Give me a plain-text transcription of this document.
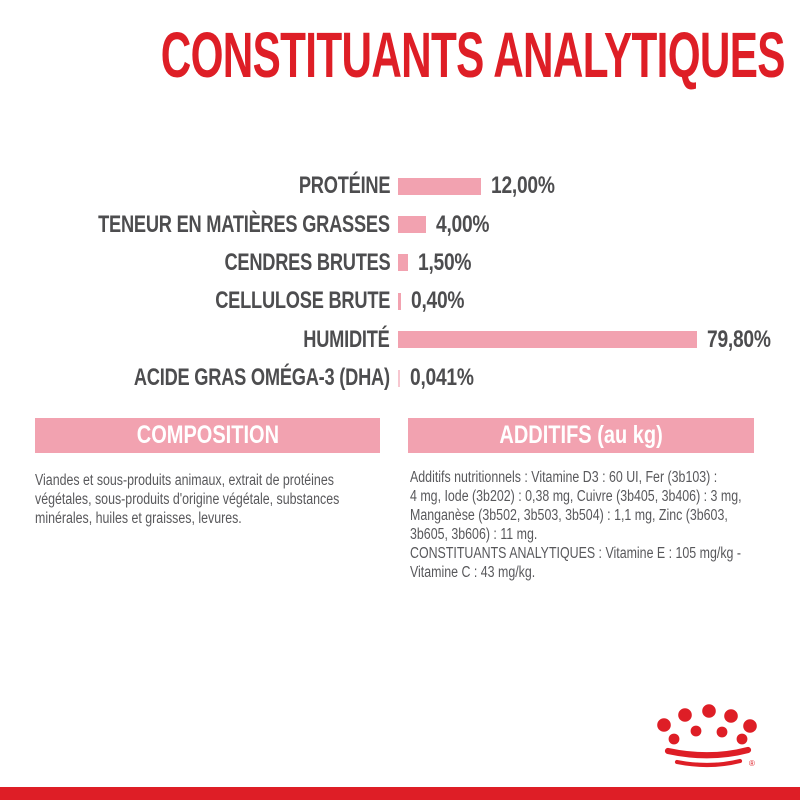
CONSTITUANTS ANALYTIQUES
PROTÉINE	12,00%
TENEUR EN MATIÈRES GRASSES	4,00%
CENDRES BRUTES	1,50%
CELLULOSE BRUTE 0,40%
HUMIDITÉ	79,80%
ACIDE GRAS OMÉGA-3 (DHA) 0,041%
COMPOSITION	ADDITIFS (au kg)
Viandes et sous-produits animaux, extrait de protéines
végétales, sous-produits d'origine végétale, substances
minérales, huiles et graisses, levures.
Additifs nutritionnels : Vitamine D3 : 60 UI, Fer (3b103) :
4 mg, Iode (3b202) : 0,38 mg, Cuivre (3b405, 3b406) : 3 mg,
Manganèse (3b502, 3b503, 3b504) : 1,1 mg, Zinc (3b603,
3b605, 3b606) : 11 mg.
CONSTITUANTS ANALYTIQUES : Vitamine E : 105 mg/kg -
Vitamine C : 43 mg/kg.
®
